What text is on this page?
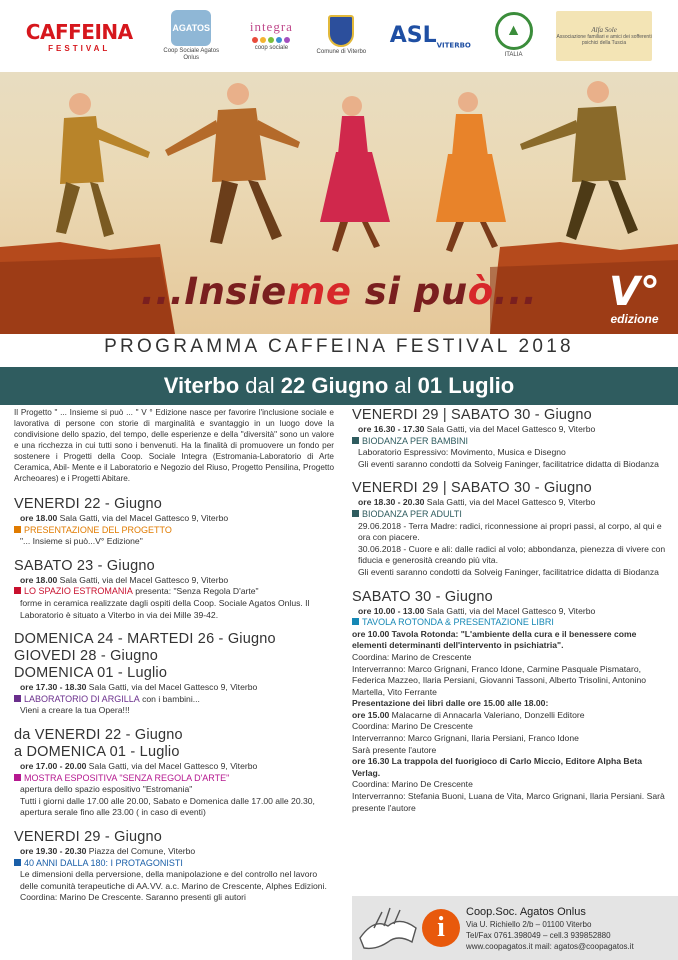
CAFFEINA
FESTIVAL
AGATOS
Coop Sociale Agatos Onlus
integra
coop sociale
Comune di Viterbo
$ASL_{VITERBO}$
▲
ITALIA
Alfa Sole
Associazione familiari e amici dei sofferenti psichici della Tuscia
...Insieme si può...	V°
edizione
PROGRAMMA CAFFEINA FESTIVAL 2018
Viterbo dal 22 Giugno al 01 Luglio
Il Progetto " ... Insieme si può ... " V ° Edizione nasce per favorire l'inclusione sociale e lavorativa di persone con storie di marginalità e svantaggio in un luogo dove la condivisione dello spazio, del tempo, delle esperienze e della "diversità" sono un valore e una ricchezza in cui tutti sono i benvenuti. Ha la finalità di promuovere un fondo per sostenere i Progetti della Coop. Sociale Integra (Estromania-Laboratorio di Arte Ceramica, Abil- Mente e il Laboratorio e Negozio del Riuso, Progetto Pensilina, Progetto Archeoares) e i Progetti Abitare.
VENERDI 22 - Giugno
ore 18.00 Sala Gatti, via del Macel Gattesco 9, Viterbo
PRESENTAZIONE DEL PROGETTO
"... Insieme si può...V° Edizione"
SABATO 23 - Giugno
ore 18.00 Sala Gatti, via del Macel Gattesco 9, Viterbo
LO SPAZIO ESTROMANIA presenta: "Senza Regola D'arte"
forme in ceramica realizzate dagli ospiti della Coop. Sociale Agatos Onlus. Il Laboratorio è situato a Viterbo in via dei Mille 39-42.
DOMENICA 24 - MARTEDI 26 - Giugno
GIOVEDI 28 - Giugno
DOMENICA 01 - Luglio
ore 17.30 - 18.30 Sala Gatti, via del Macel Gattesco 9, Viterbo
LABORATORIO DI ARGILLA con i bambini...
Vieni a creare la tua Opera!!!
da VENERDI 22 - Giugno
a DOMENICA 01 - Luglio
ore 17.00 - 20.00 Sala Gatti, via del Macel Gattesco 9, Viterbo
MOSTRA ESPOSITIVA "SENZA REGOLA D'ARTE"
apertura dello spazio espositivo "Estromania"
Tutti i giorni dalle 17.00 alle 20.00, Sabato e Domenica dalle 17.00 alle 20.30, apertura serale fino alle 23.00 ( in caso di eventi)
VENERDI 29 - Giugno
ore 19.30 - 20.30 Piazza del Comune, Viterbo
40 ANNI DALLA 180: I PROTAGONISTI
Le dimensioni della perversione, della manipolazione e del controllo nel lavoro delle comunità terapeutiche di AA.VV. a.c. Marino de Crescente, Alphes Edizioni. Coordina: Marino De Crescente. Saranno presenti gli autori
VENERDI 29 | SABATO 30 - Giugno
ore 16.30 - 17.30 Sala Gatti, via del Macel Gattesco 9, Viterbo
BIODANZA PER BAMBINI
Laboratorio Espressivo: Movimento, Musica e Disegno
Gli eventi saranno condotti da Solveig Faninger, facilitatrice didatta di Biodanza
VENERDI 29 | SABATO 30 - Giugno
ore 18.30 - 20.30 Sala Gatti, via del Macel Gattesco 9, Viterbo
BIODANZA PER ADULTI
29.06.2018 - Terra Madre: radici, riconnessione ai propri passi, al corpo, al qui e ora con piacere.
30.06.2018 - Cuore e ali: dalle radici al volo; abbondanza, pienezza di vivere con fiducia e generosità creando più vita.
Gli eventi saranno condotti da Solveig Faninger, facilitatrice didatta di Biodanza
SABATO 30 - Giugno
ore 10.00 - 13.00 Sala Gatti, via del Macel Gattesco 9, Viterbo
TAVOLA ROTONDA & PRESENTAZIONE LIBRI
ore 10.00 Tavola Rotonda: "L'ambiente della cura e il benessere come elementi determinanti dell'intervento in psichiatria".
Coordina: Marino de Crescente
Interverranno: Marco Grignani, Franco Idone, Carmine Pasquale Pismataro, Federica Mazzeo, Ilaria Persiani, Giovanni Tassoni, Alberto Trisolini, Antonino Martella, Vito Ferrante
Presentazione dei libri dalle ore 15.00 alle 18.00:
ore 15.00 Malacarne di Annacarla Valeriano, Donzelli Editore
Coordina: Marino De Crescente
Interverranno: Marco Grignani, Ilaria Persiani, Franco Idone
Sarà presente l'autore
ore 16.30 La trappola del fuorigioco di Carlo Miccio, Editore Alpha Beta Verlag.
Coordina: Marino De Crescente
Interverranno: Stefania Buoni, Luana de Vita, Marco Grignani, Ilaria Persiani. Sarà presente l'autore
i
Coop.Soc. Agatos Onlus
Via U. Richiello 2/b – 01100 Viterbo
Tel/Fax 0761.398049 – cell.3 939852880
www.coopagatos.it mail: agatos@coopagatos.it
